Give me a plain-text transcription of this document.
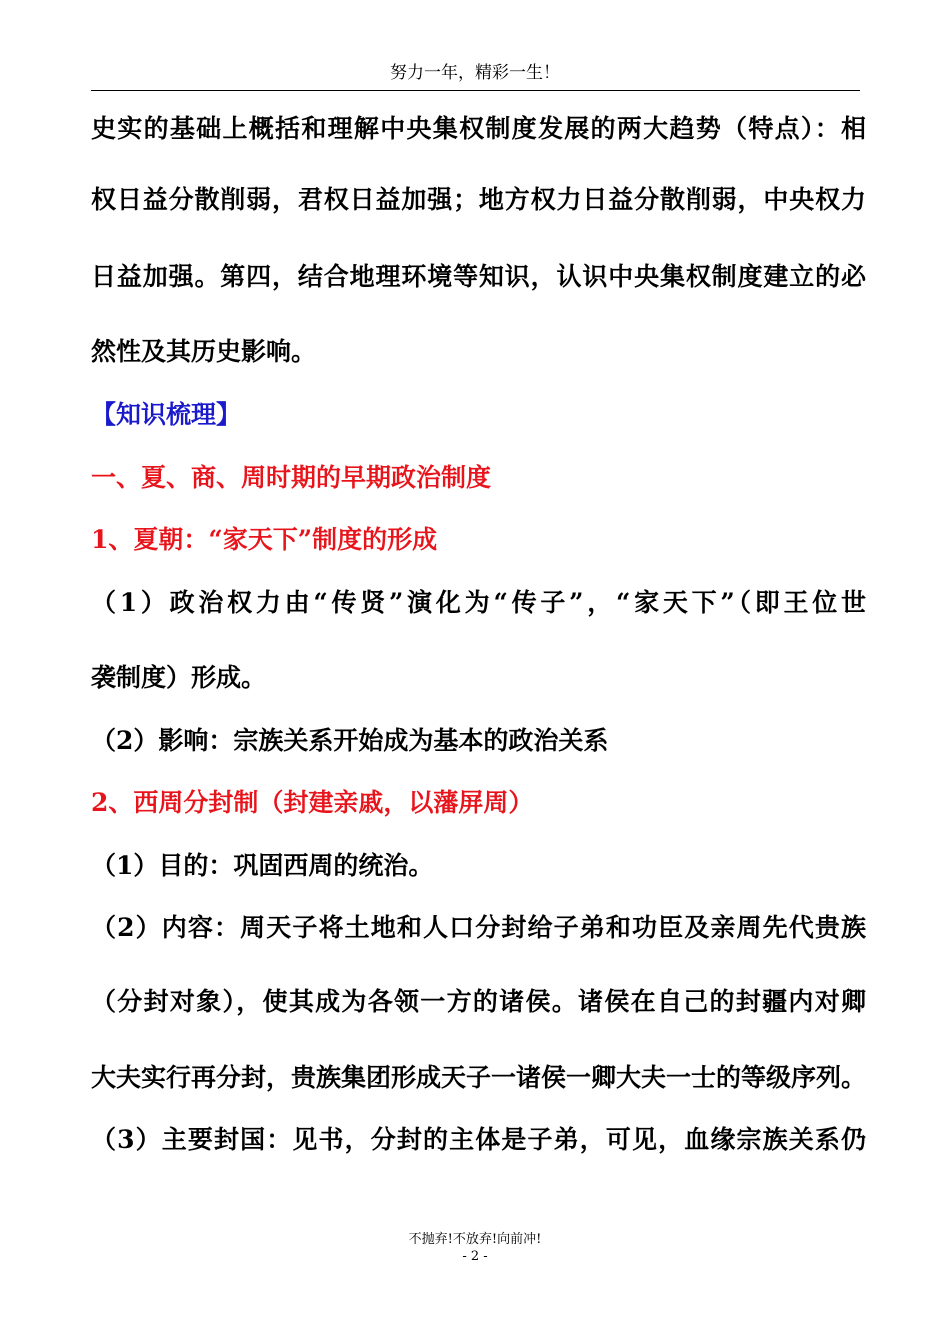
努力一年，精彩一生！
史实的基础上概括和理解中央集权制度发展的两大趋势（特点）：相
权日益分散削弱，君权日益加强；地方权力日益分散削弱，中央权力
日益加强。第四，结合地理环境等知识，认识中央集权制度建立的必
然性及其历史影响。
【知识梳理】
一、夏、商、周时期的早期政治制度
1、夏朝：“家天下”制度的形成
（1）政治权力由“传贤”演化为“传子”，“家天下”（即王位世
袭制度）形成。
（2）影响：宗族关系开始成为基本的政治关系
2、西周分封制（封建亲戚，以藩屏周）
（1）目的：巩固西周的统治。
（2）内容：周天子将土地和人口分封给子弟和功臣及亲周先代贵族
（分封对象），使其成为各领一方的诸侯。诸侯在自己的封疆内对卿
大夫实行再分封，贵族集团形成天子一诸侯一卿大夫一士的等级序列。
（3）主要封国：见书，分封的主体是子弟，可见，血缘宗族关系仍
不抛弃!不放弃!向前冲!
- 2 -
